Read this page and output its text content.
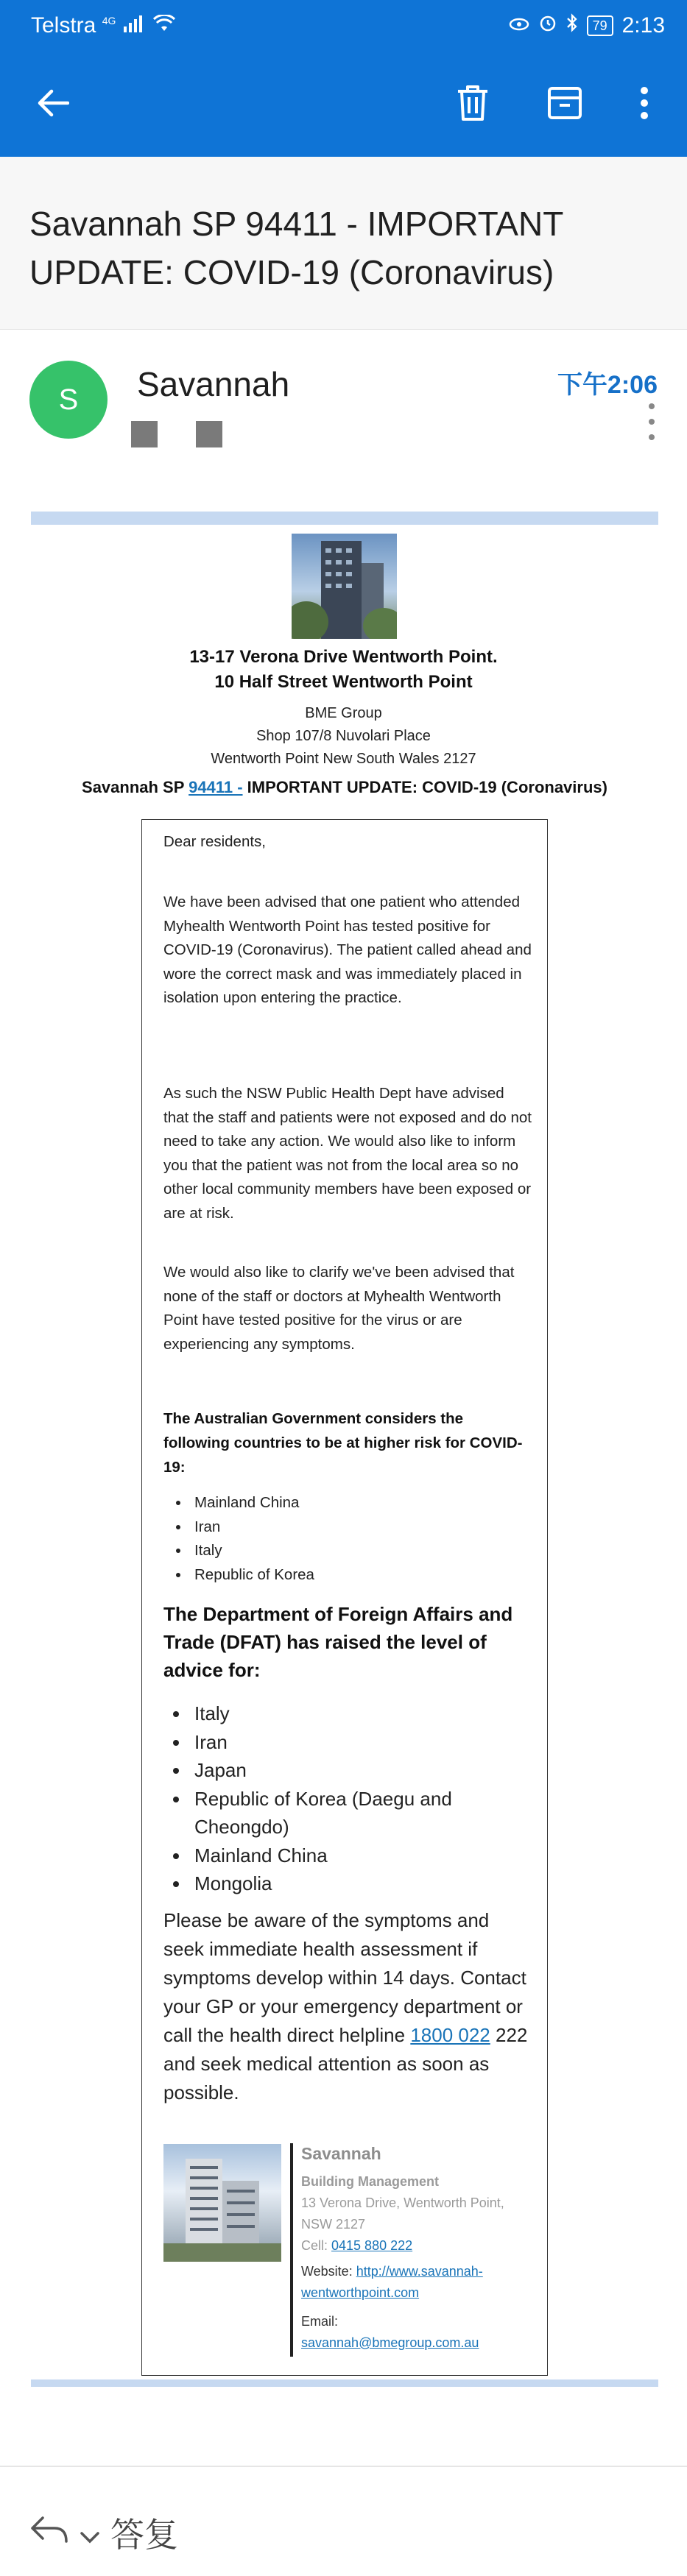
Telstra $^{4G}$	79 2:13
Savannah SP 94411 - IMPORTANT UPDATE: COVID-19 (Coronavirus)
S	Savannah	下午2:06
13-17 Verona Drive Wentworth Point.
10 Half Street Wentworth Point
BME Group
Shop 107/8 Nuvolari Place
Wentworth Point New South Wales 2127
Savannah SP 94411 - IMPORTANT UPDATE: COVID-19 (Coronavirus)
Dear residents,
We have been advised that one patient who attended Myhealth Wentworth Point has tested positive for COVID-19 (Coronavirus). The patient called ahead and wore the correct mask and was immediately placed in isolation upon entering the practice.
As such the NSW Public Health Dept have advised that the staff and patients were not exposed and do not need to take any action. We would also like to inform you that the patient was not from the local area so no other local community members have been exposed or are at risk.
We would also like to clarify we've been advised that none of the staff or doctors at Myhealth Wentworth Point have tested positive for the virus or are experiencing any symptoms.
The Australian Government considers the following countries to be at higher risk for COVID-19:
• Mainland China
• Iran
• Italy
• Republic of Korea
The Department of Foreign Affairs and Trade (DFAT) has raised the level of advice for:
• Italy
• Iran
• Japan
• Republic of Korea (Daegu and Cheongdo)
• Mainland China
• Mongolia
Please be aware of the symptoms and seek immediate health assessment if symptoms develop within 14 days. Contact your GP or your emergency department or call the health direct helpline 1800 022 222 and seek medical attention as soon as possible.
Savannah
Building Management
13 Verona Drive, Wentworth Point, NSW 2127
Cell: 0415 880 222
Website: http://www.savannah-wentworthpoint.com
Email:
savannah@bmegroup.com.au
答复
